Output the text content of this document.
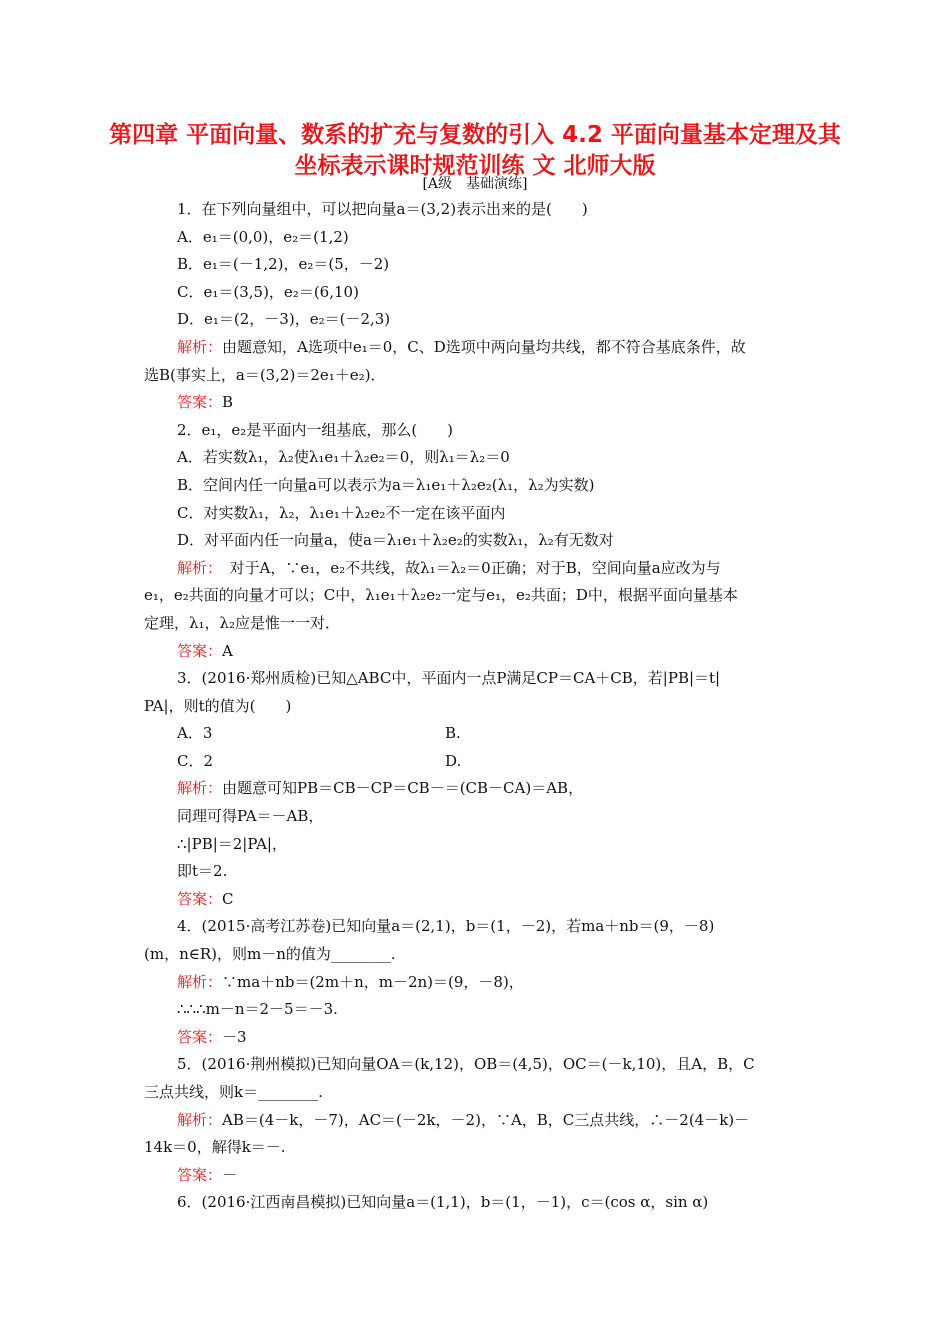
第四章 平面向量、数系的扩充与复数的引入 4.2 平面向量基本定理及其坐标表示课时规范训练 文 北师大版
[A级　基础演练]
1．在下列向量组中，可以把向量a＝(3,2)表示出来的是(　　)
A．e₁＝(0,0)，e₂＝(1,2)
B．e₁＝(－1,2)，e₂＝(5，－2)
C．e₁＝(3,5)，e₂＝(6,10)
D．e₁＝(2，－3)，e₂＝(－2,3)
解析：由题意知，A选项中e₁＝0，C、D选项中两向量均共线，都不符合基底条件，故
选B(事实上，a＝(3,2)＝2e₁＋e₂)．
答案：B
2．e₁，e₂是平面内一组基底，那么(　　)
A．若实数λ₁，λ₂使λ₁e₁＋λ₂e₂＝0，则λ₁＝λ₂＝0
B．空间内任一向量a可以表示为a＝λ₁e₁＋λ₂e₂(λ₁，λ₂为实数)
C．对实数λ₁，λ₂，λ₁e₁＋λ₂e₂不一定在该平面内
D．对平面内任一向量a，使a＝λ₁e₁＋λ₂e₂的实数λ₁，λ₂有无数对
解析：　对于A，∵e₁，e₂不共线，故λ₁＝λ₂＝0正确；对于B，空间向量a应改为与
e₁，e₂共面的向量才可以；C中，λ₁e₁＋λ₂e₂一定与e₁，e₂共面；D中，根据平面向量基本
定理，λ₁，λ₂应是惟一一对．
答案：A
3．(2016·郑州质检)已知△ABC中，平面内一点P满足CP＝CA＋CB，若|PB|＝t|
PA|，则t的值为(　　)
A．3	B.
C．2	D.
解析：由题意可知PB＝CB－CP＝CB－＝(CB－CA)＝AB，
同理可得PA＝－AB，
∴|PB|＝2|PA|，
即t＝2.
答案：C
4．(2015·高考江苏卷)已知向量a＝(2,1)，b＝(1，－2)，若ma＋nb＝(9，－8)
(m，n∈R)，则m－n的值为________.
解析：∵ma＋nb＝(2m＋n，m－2n)＝(9，－8)，
∴∴∴m－n＝2－5＝－3.
答案：－3
5．(2016·荆州模拟)已知向量OA＝(k,12)，OB＝(4,5)，OC＝(－k,10)，且A，B，C
三点共线，则k＝________.
解析：AB＝(4－k，－7)，AC＝(－2k，－2)，∵A，B，C三点共线，∴－2(4－k)－
14k＝0，解得k＝－.
答案：－
6．(2016·江西南昌模拟)已知向量a＝(1,1)，b＝(1，－1)，c＝(cos α，sin α)
